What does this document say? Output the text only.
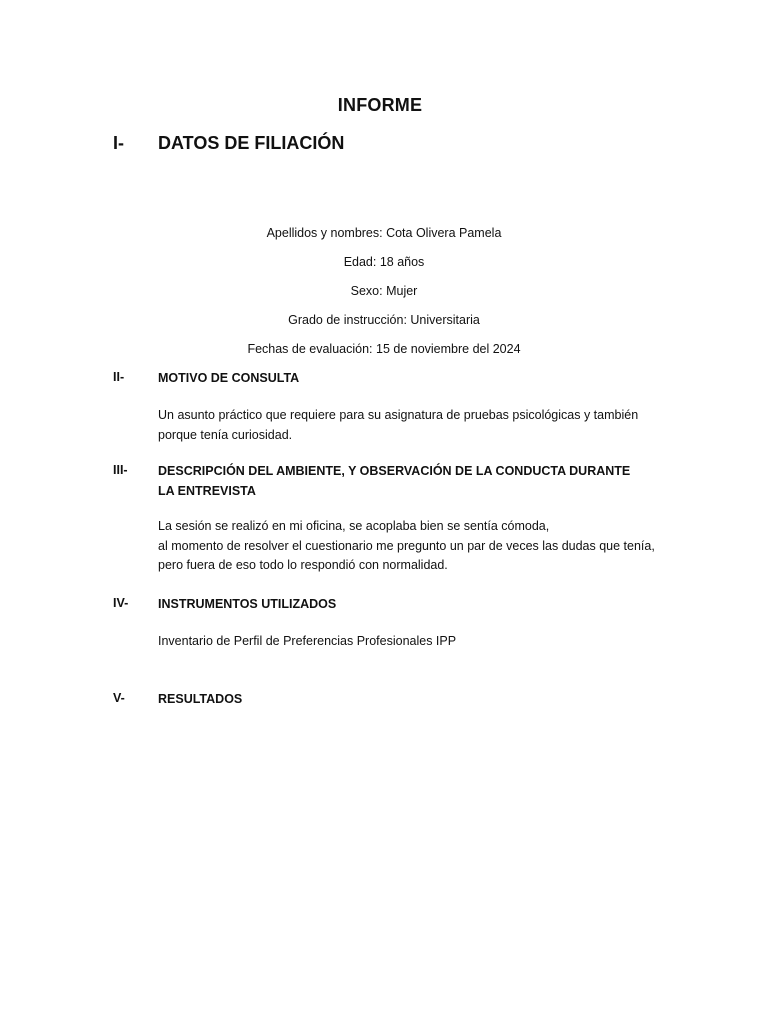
INFORME
I- DATOS DE FILIACIÓN
Apellidos y nombres: Cota Olivera Pamela
Edad: 18 años
Sexo: Mujer
Grado de instrucción: Universitaria
Fechas de evaluación: 15 de noviembre del 2024
II-	MOTIVO DE CONSULTA
Un asunto práctico que requiere para su asignatura de pruebas psicológicas y también
porque tenía curiosidad.
III- DESCRIPCIÓN DEL AMBIENTE, Y OBSERVACIÓN DE LA CONDUCTA DURANTE LA ENTREVISTA
La sesión se realizó en mi oficina, se acoplaba bien se sentía cómoda,
al momento de resolver el cuestionario me pregunto un par de veces las dudas que tenía,
pero fuera de eso todo lo respondió con normalidad.
IV- INSTRUMENTOS UTILIZADOS
Inventario de Perfil de Preferencias Profesionales IPP
V-	RESULTADOS
